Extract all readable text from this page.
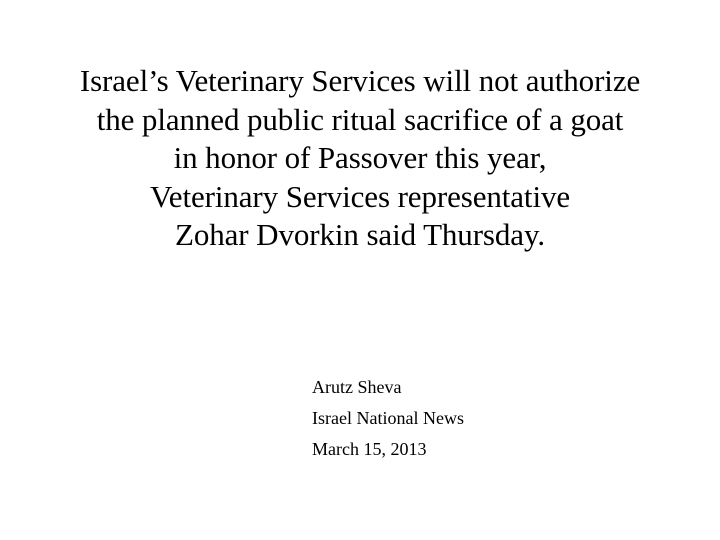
Israel’s Veterinary Services will not authorize
the planned public ritual sacrifice of a goat
in honor of Passover this year,
Veterinary Services representative
Zohar Dvorkin said Thursday.
Arutz Sheva
Israel National News
March 15, 2013
